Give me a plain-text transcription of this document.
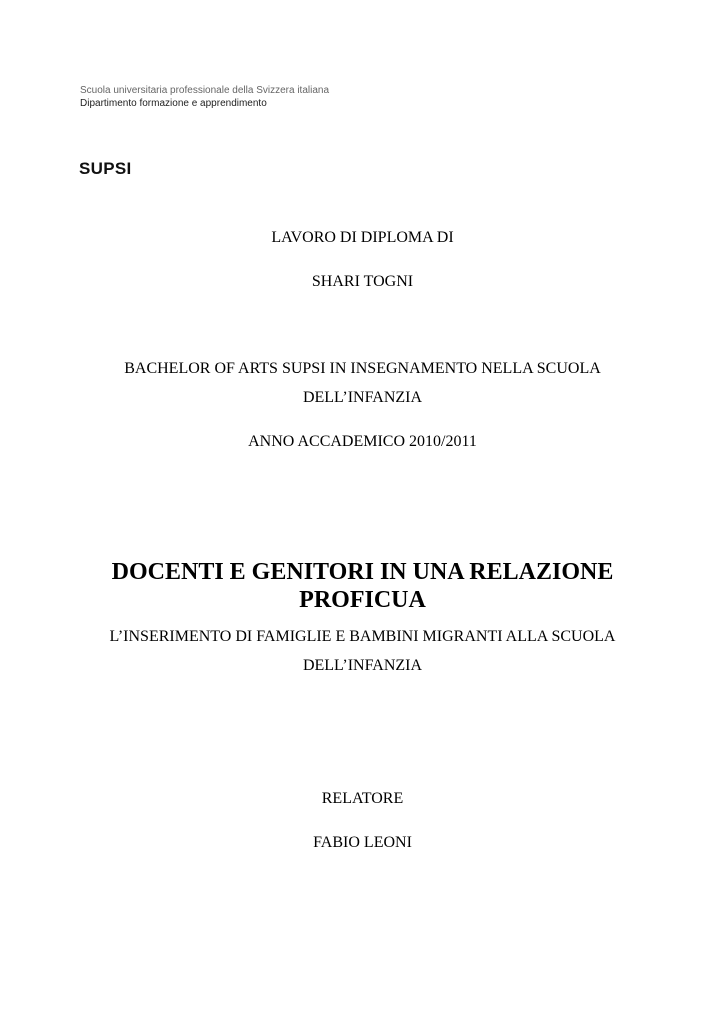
Scuola universitaria professionale della Svizzera italiana
Dipartimento formazione e apprendimento
SUPSI
LAVORO DI DIPLOMA DI
SHARI TOGNI
BACHELOR OF ARTS SUPSI IN INSEGNAMENTO NELLA SCUOLA
DELL’INFANZIA
ANNO ACCADEMICO 2010/2011
DOCENTI E GENITORI IN UNA RELAZIONE
PROFICUA
L’INSERIMENTO DI FAMIGLIE E BAMBINI MIGRANTI ALLA SCUOLA
DELL’INFANZIA
RELATORE
FABIO LEONI
